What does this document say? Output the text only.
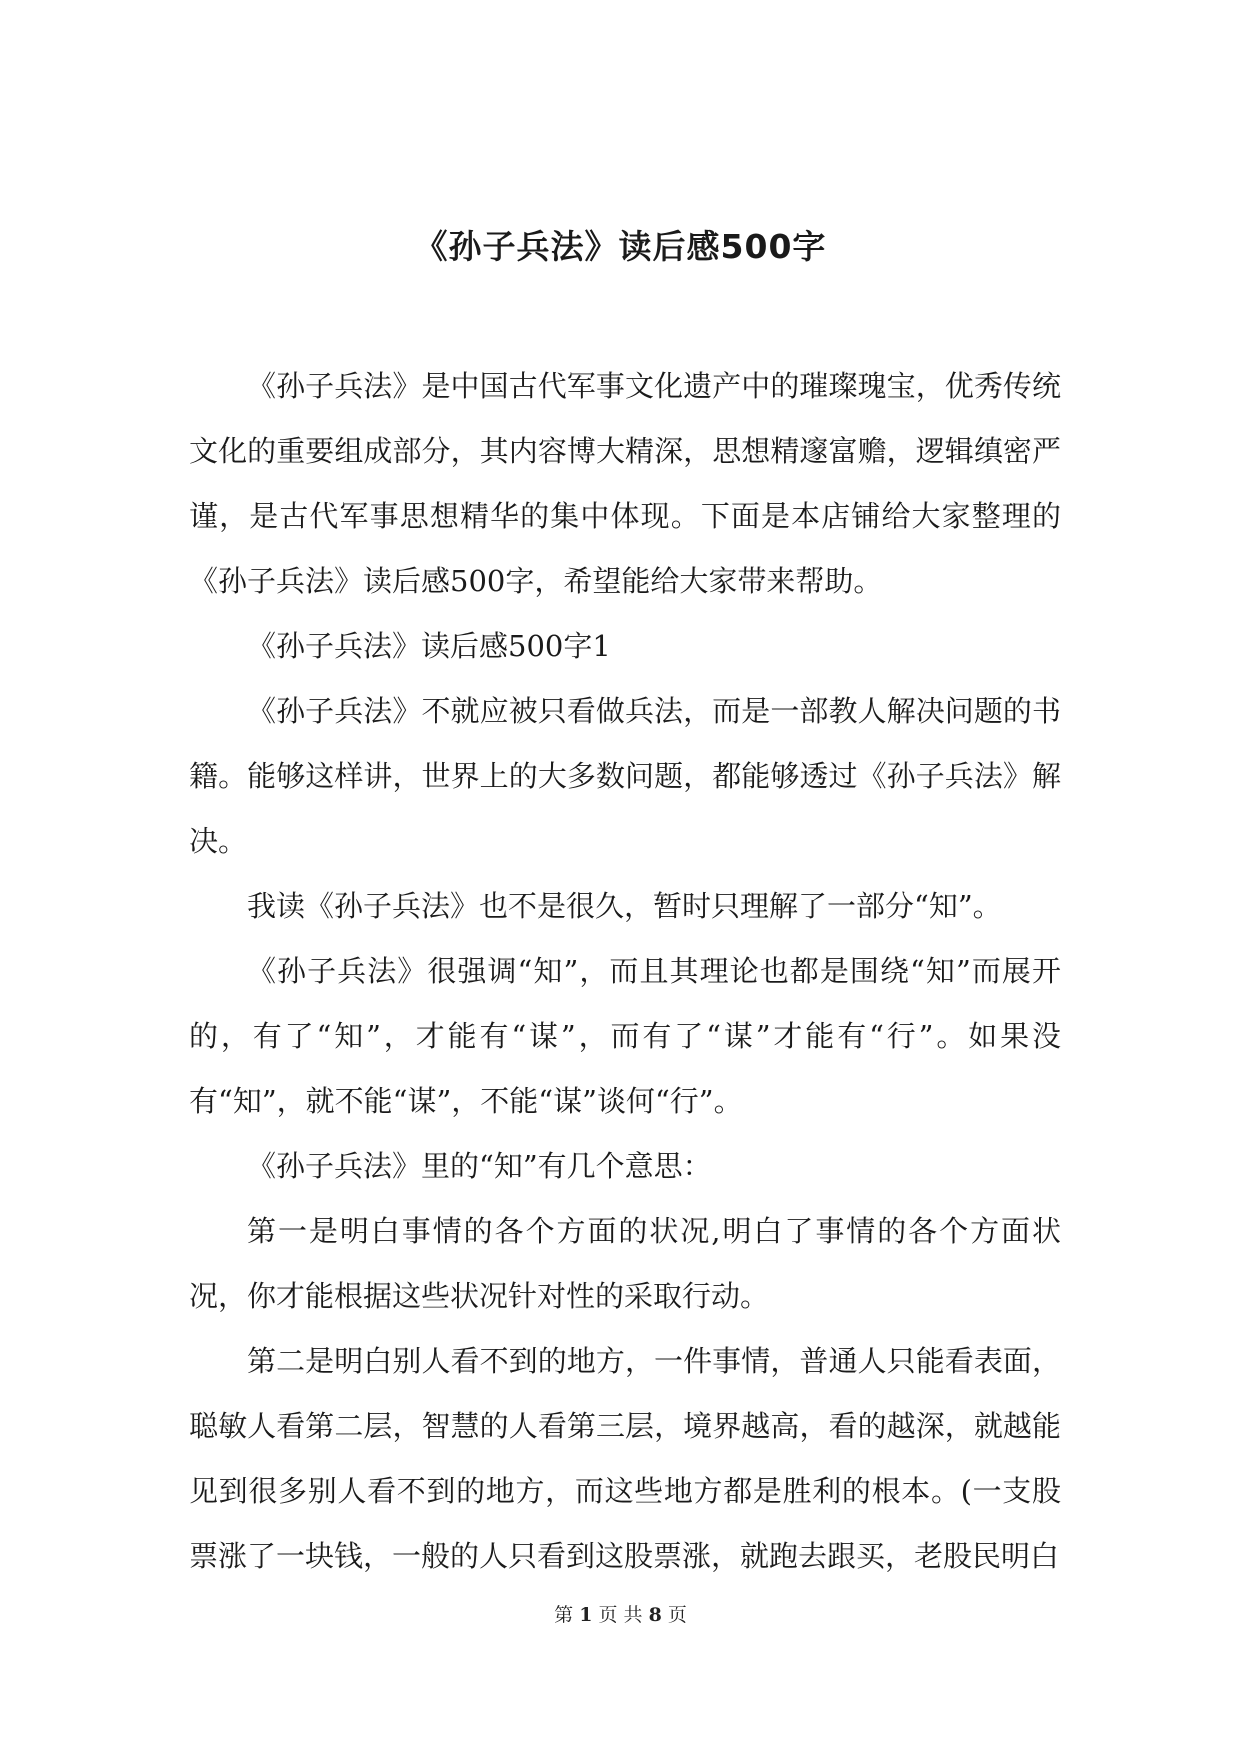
《孙子兵法》读后感500字

《孙子兵法》是中国古代军事文化遗产中的璀璨瑰宝，优秀传统文化的重要组成部分，其内容博大精深，思想精邃富赡，逻辑缜密严谨，是古代军事思想精华的集中体现。下面是本店铺给大家整理的《孙子兵法》读后感500字，希望能给大家带来帮助。

《孙子兵法》读后感500字1

《孙子兵法》不就应被只看做兵法，而是一部教人解决问题的书籍。能够这样讲，世界上的大多数问题，都能够透过《孙子兵法》解决。

我读《孙子兵法》也不是很久，暂时只理解了一部分“知”。

《孙子兵法》很强调“知”，而且其理论也都是围绕“知”而展开的，有了“知”，才能有“谋”，而有了“谋”才能有“行”。如果没有“知”，就不能“谋”，不能“谋”谈何“行”。

《孙子兵法》里的“知”有几个意思：

第一是明白事情的各个方面的状况,明白了事情的各个方面状况，你才能根据这些状况针对性的采取行动。

第二是明白别人看不到的地方，一件事情，普通人只能看表面，聪敏人看第二层，智慧的人看第三层，境界越高，看的越深，就越能见到很多别人看不到的地方，而这些地方都是胜利的根本。(一支股票涨了一块钱，一般的人只看到这股票涨，就跑去跟买，老股民明白

第 1 页 共 8 页
